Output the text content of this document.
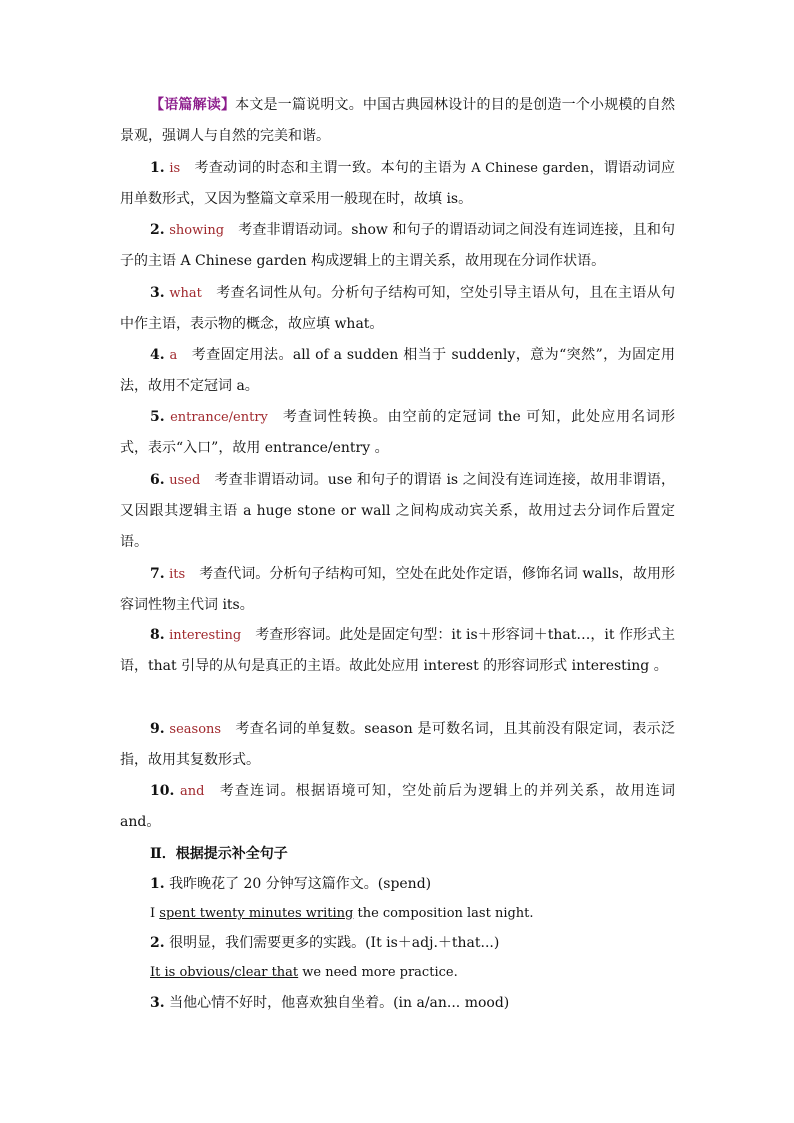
【语篇解读】本文是一篇说明文。中国古典园林设计的目的是创造一个小规模的自然景观，强调人与自然的完美和谐。

1. is 考查动词的时态和主谓一致。本句的主语为 A Chinese garden，谓语动词应用单数形式，又因为整篇文章采用一般现在时，故填 is。

2. showing 考查非谓语动词。show 和句子的谓语动词之间没有连词连接，且和句子的主语 A Chinese garden 构成逻辑上的主谓关系，故用现在分词作状语。

3. what 考查名词性从句。分析句子结构可知，空处引导主语从句，且在主语从句中作主语，表示物的概念，故应填 what。

4. a 考查固定用法。all of a sudden 相当于 suddenly，意为“突然”，为固定用法，故用不定冠词 a。

5. entrance/entry 考查词性转换。由空前的定冠词 the 可知，此处应用名词形式，表示“入口”，故用 entrance/entry 。

6. used 考查非谓语动词。use 和句子的谓语 is 之间没有连词连接，故用非谓语，又因跟其逻辑主语 a huge stone or wall 之间构成动宾关系，故用过去分词作后置定语。

7. its 考查代词。分析句子结构可知，空处在此处作定语，修饰名词 walls，故用形容词性物主代词 its。

8. interesting 考查形容词。此处是固定句型：it is＋形容词＋that…，it 作形式主语，that 引导的从句是真正的主语。故此处应用 interest 的形容词形式 interesting 。

9. seasons 考查名词的单复数。season 是可数名词，且其前没有限定词，表示泛指，故用其复数形式。

10. and 考查连词。根据语境可知，空处前后为逻辑上的并列关系，故用连词 and。

Ⅱ．根据提示补全句子

1. 我昨晚花了 20 分钟写这篇作文。(spend)

I spent twenty minutes writing the composition last night.

2. 很明显，我们需要更多的实践。(It is＋adj.＋that...)

It is obvious/clear that we need more practice.

3. 当他心情不好时，他喜欢独自坐着。(in a/an... mood)
